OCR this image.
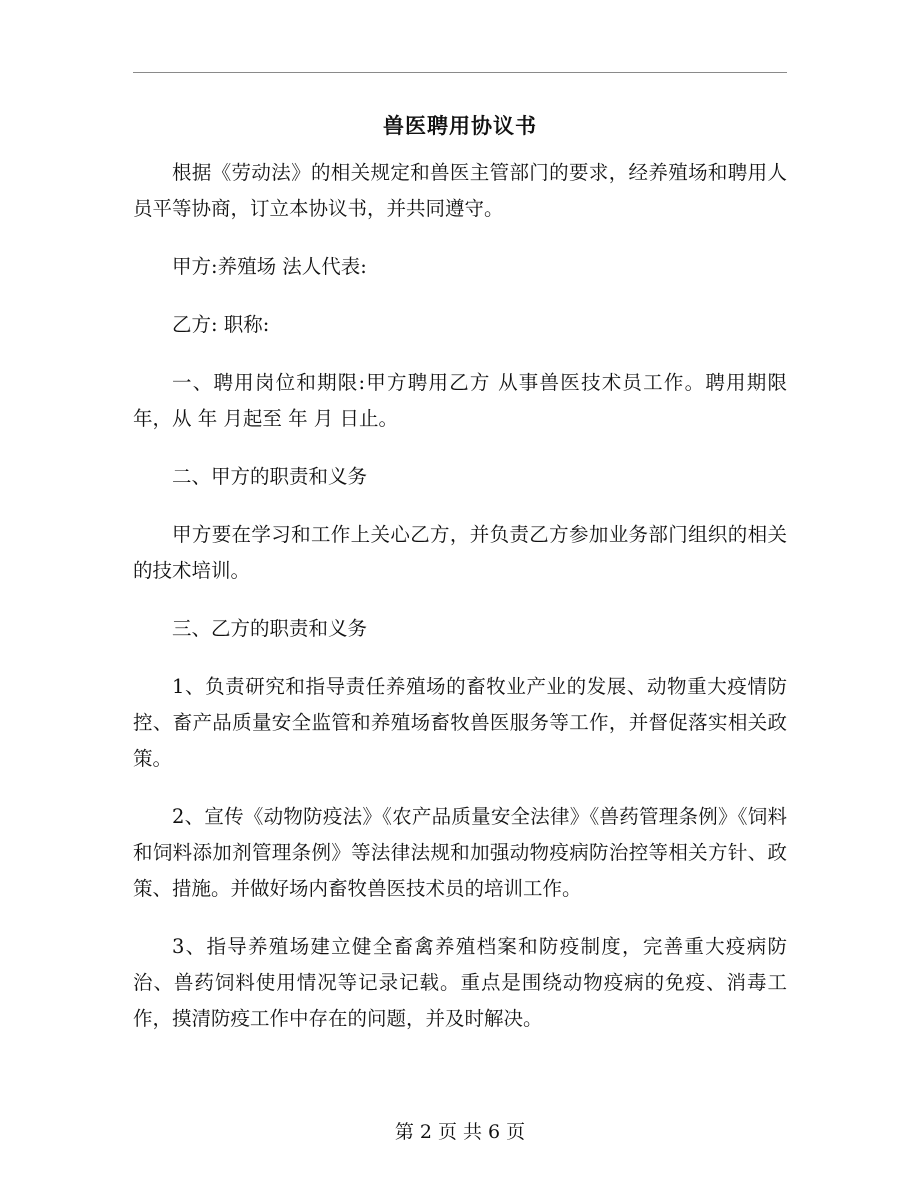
兽医聘用协议书

根据《劳动法》的相关规定和兽医主管部门的要求，经养殖场和聘用人员平等协商，订立本协议书，并共同遵守。

甲方:养殖场 法人代表:

乙方: 职称:

一、聘用岗位和期限:甲方聘用乙方 从事兽医技术员工作。聘用期限 年，从 年 月起至 年 月 日止。

二、甲方的职责和义务

甲方要在学习和工作上关心乙方，并负责乙方参加业务部门组织的相关的技术培训。

三、乙方的职责和义务

1、负责研究和指导责任养殖场的畜牧业产业的发展、动物重大疫情防控、畜产品质量安全监管和养殖场畜牧兽医服务等工作，并督促落实相关政策。

2、宣传《动物防疫法》《农产品质量安全法律》《兽药管理条例》《饲料和饲料添加剂管理条例》等法律法规和加强动物疫病防治控等相关方针、政策、措施。并做好场内畜牧兽医技术员的培训工作。

3、指导养殖场建立健全畜禽养殖档案和防疫制度，完善重大疫病防治、兽药饲料使用情况等记录记载。重点是围绕动物疫病的免疫、消毒工作，摸清防疫工作中存在的问题，并及时解决。

第 2 页 共 6 页
